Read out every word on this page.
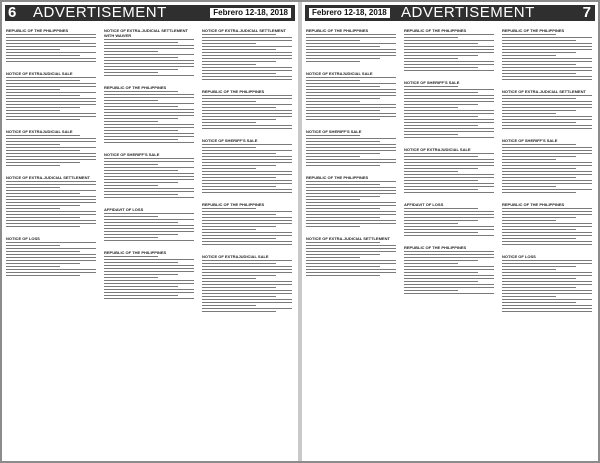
6 ADVERTISEMENT	Febrero 12-18, 2018
REPUBLIC OF THE PHILIPPINES
NOTICE OF EXTRAJUDICIAL SALE
NOTICE OF EXTRAJUDICIAL SALE
NOTICE OF EXTRA-JUDICIAL SETTLEMENT
NOTICE OF LOSS
NOTICE OF EXTRA-JUDICIAL SETTLEMENT WITH WAIVER
REPUBLIC OF THE PHILIPPINES
NOTICE OF SHERIFF'S SALE
AFFIDAVIT OF LOSS
REPUBLIC OF THE PHILIPPINES
NOTICE OF EXTRA-JUDICIAL SETTLEMENT
REPUBLIC OF THE PHILIPPINES
NOTICE OF SHERIFF'S SALE
REPUBLIC OF THE PHILIPPINES
NOTICE OF EXTRAJUDICIAL SALE
Febrero 12-18, 2018 ADVERTISEMENT	7
REPUBLIC OF THE PHILIPPINES
NOTICE OF EXTRAJUDICIAL SALE
NOTICE OF SHERIFF'S SALE
REPUBLIC OF THE PHILIPPINES
NOTICE OF EXTRA-JUDICIAL SETTLEMENT
REPUBLIC OF THE PHILIPPINES
NOTICE OF SHERIFF'S SALE
NOTICE OF EXTRAJUDICIAL SALE
AFFIDAVIT OF LOSS
REPUBLIC OF THE PHILIPPINES
REPUBLIC OF THE PHILIPPINES
NOTICE OF EXTRA-JUDICIAL SETTLEMENT
NOTICE OF SHERIFF'S SALE
REPUBLIC OF THE PHILIPPINES
NOTICE OF LOSS
